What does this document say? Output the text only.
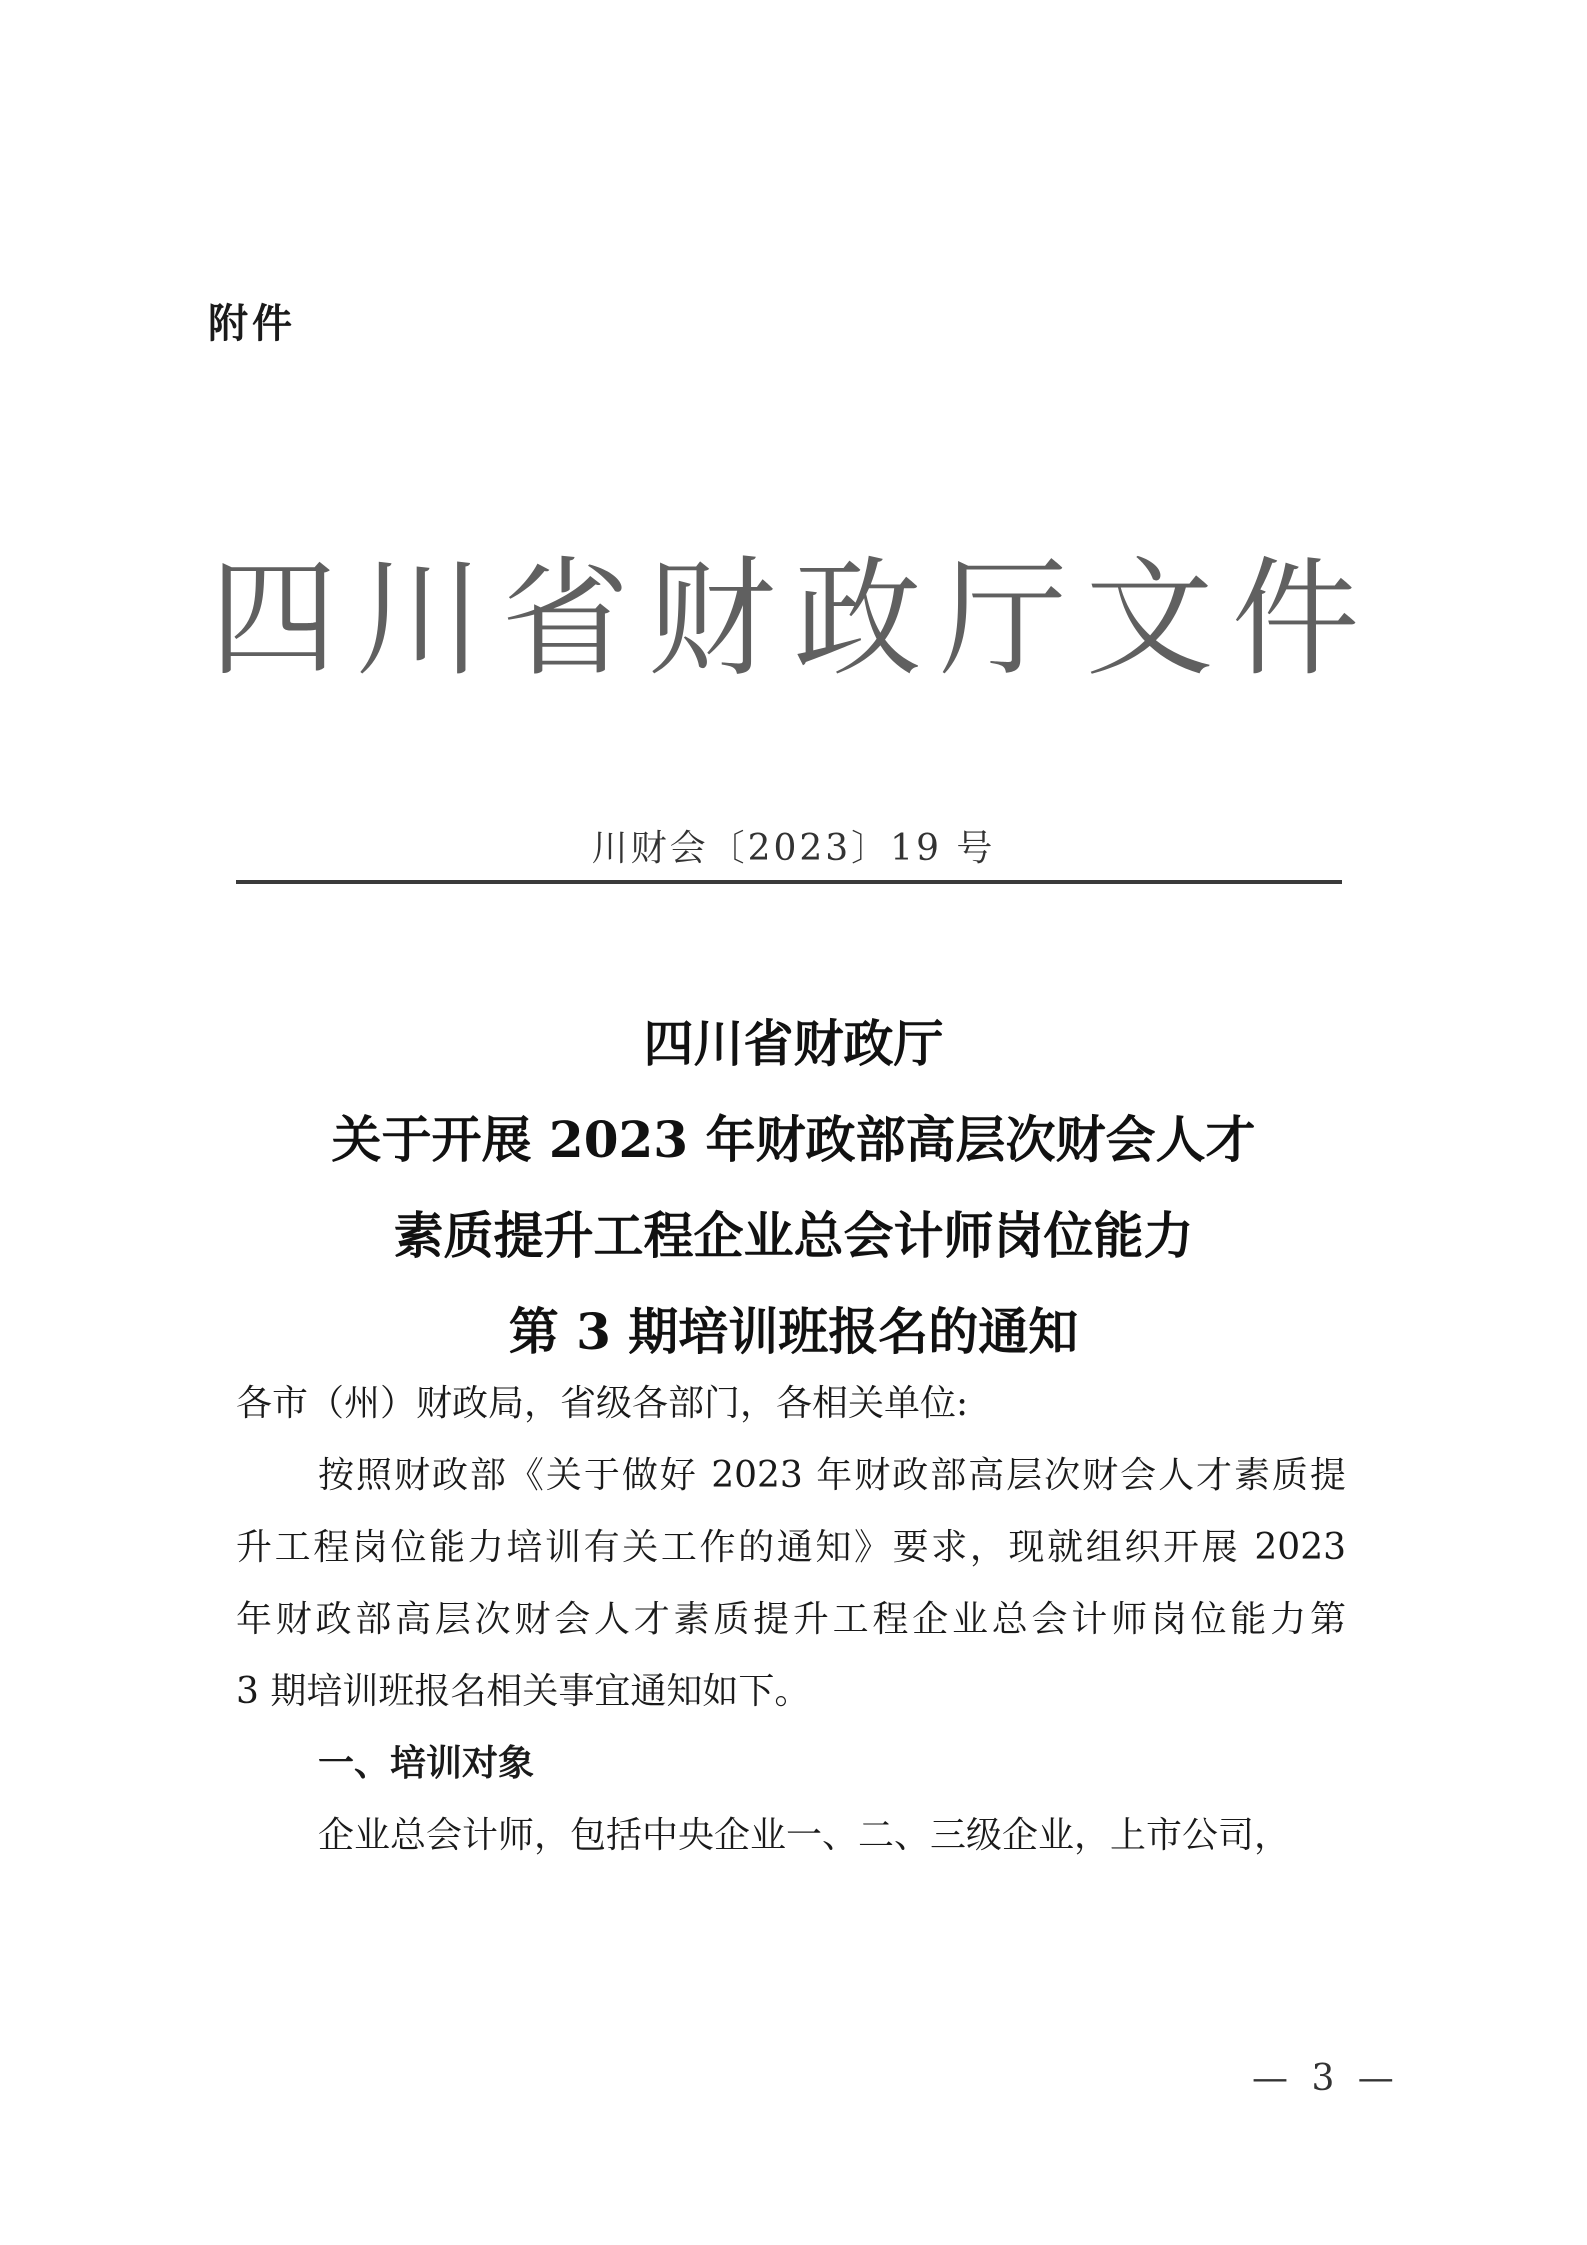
附件
四川省财政厅文件
川财会〔2023〕19 号
四川省财政厅
关于开展 2023 年财政部高层次财会人才
素质提升工程企业总会计师岗位能力
第 3 期培训班报名的通知

各市（州）财政局，省级各部门，各相关单位:

按照财政部《关于做好 2023 年财政部高层次财会人才素质提

升工程岗位能力培训有关工作的通知》要求，现就组织开展 2023

年财政部高层次财会人才素质提升工程企业总会计师岗位能力第

3 期培训班报名相关事宜通知如下。

一、培训对象

企业总会计师，包括中央企业一、二、三级企业，上市公司，

— 3 —
